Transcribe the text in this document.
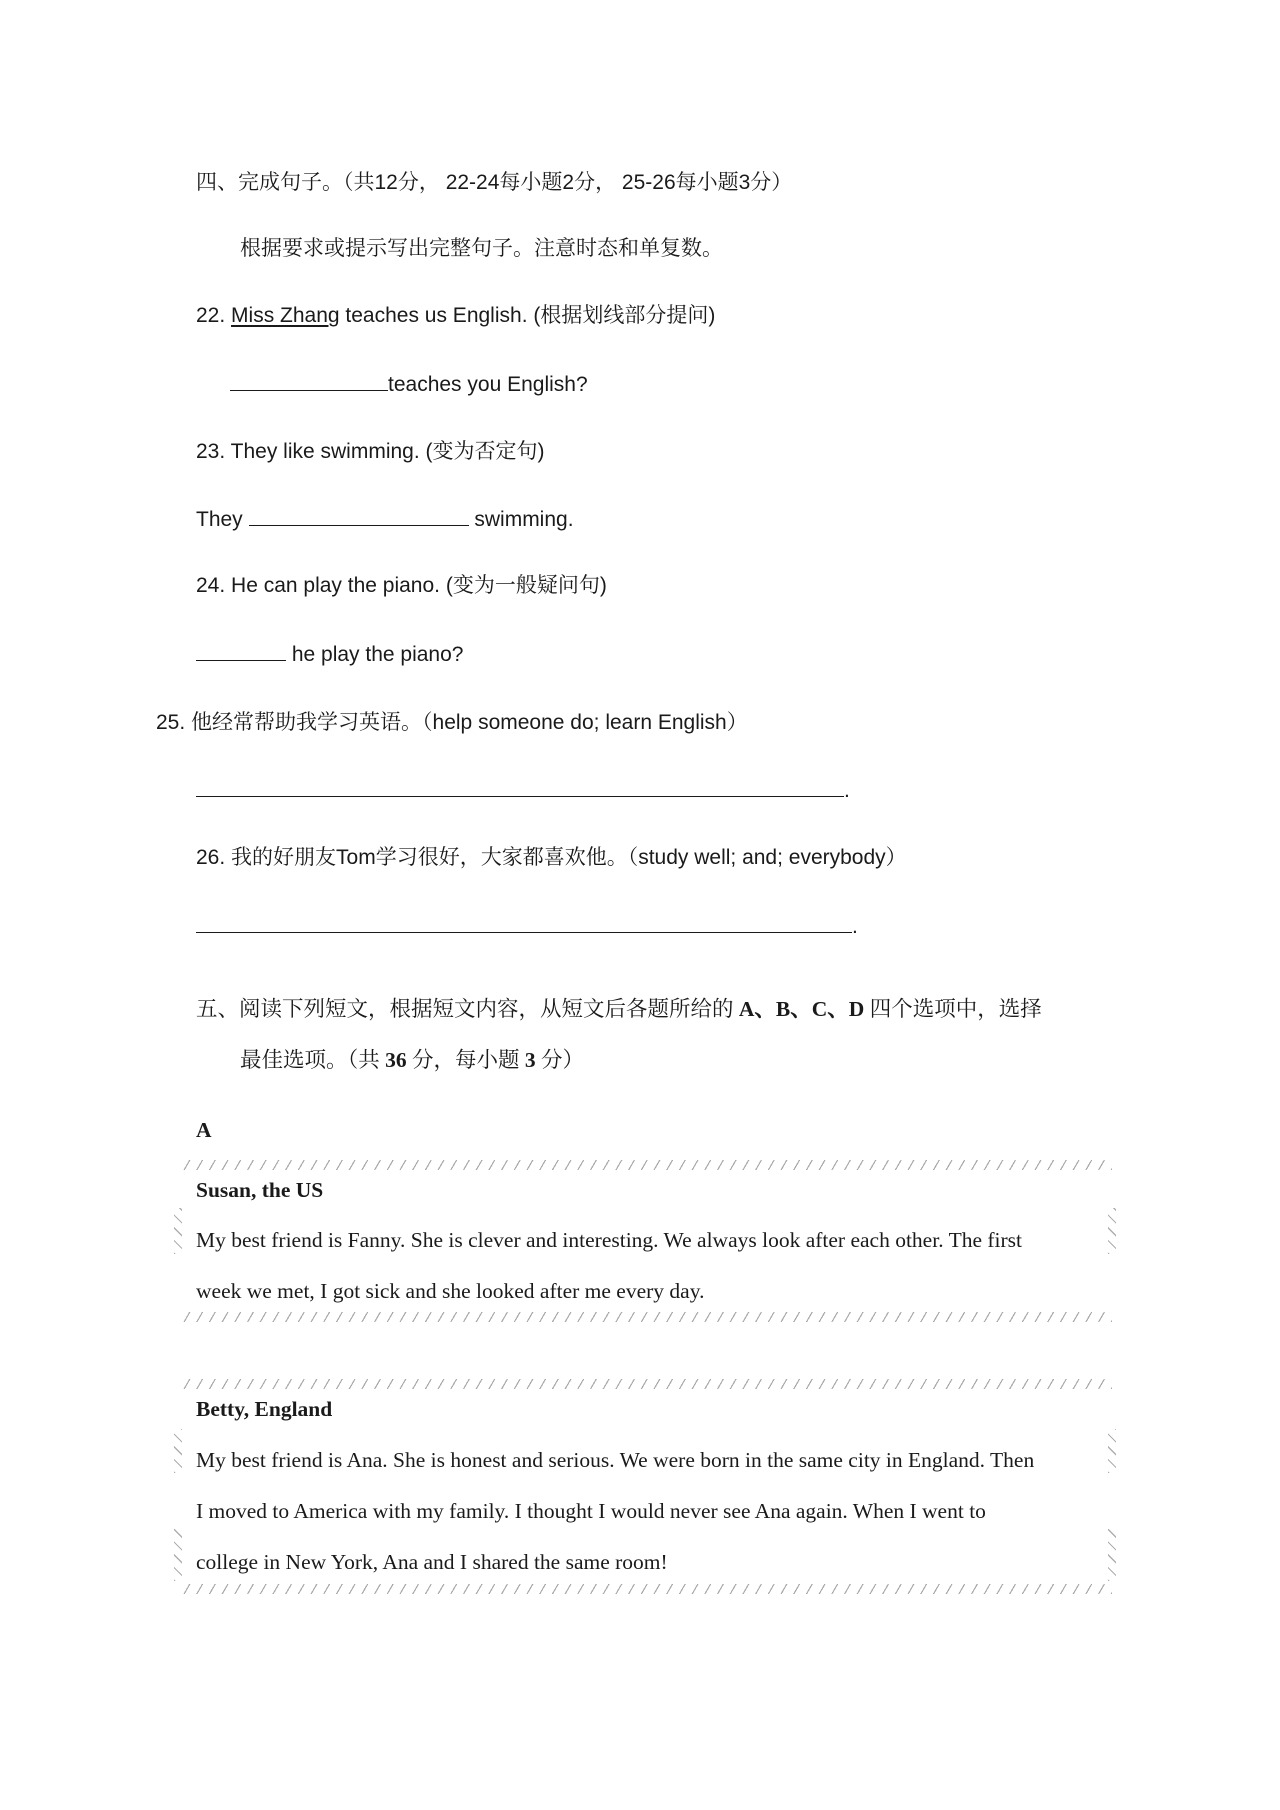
四、完成句子。（共12分， 22-24每小题2分， 25-26每小题3分）
根据要求或提示写出完整句子。注意时态和单复数。
22. Miss Zhang teaches us English. (根据划线部分提问)
teaches you English?
23. They like swimming. (变为否定句)
They	swimming.
24. He can play the piano. (变为一般疑问句)
he play the piano?
25. 他经常帮助我学习英语。（help someone do; learn English）
.
26. 我的好朋友Tom学习很好，大家都喜欢他。（study well; and; everybody）
.
五、阅读下列短文，根据短文内容，从短文后各题所给的 A、B、C、D 四个选项中，选择
最佳选项。（共 36 分，每小题 3 分）
A
Susan, the US
My best friend is Fanny. She is clever and interesting. We always look after each other. The first
week we met, I got sick and she looked after me every day.
Betty, England
My best friend is Ana. She is honest and serious. We were born in the same city in England. Then
I moved to America with my family. I thought I would never see Ana again. When I went to
college in New York, Ana and I shared the same room!
